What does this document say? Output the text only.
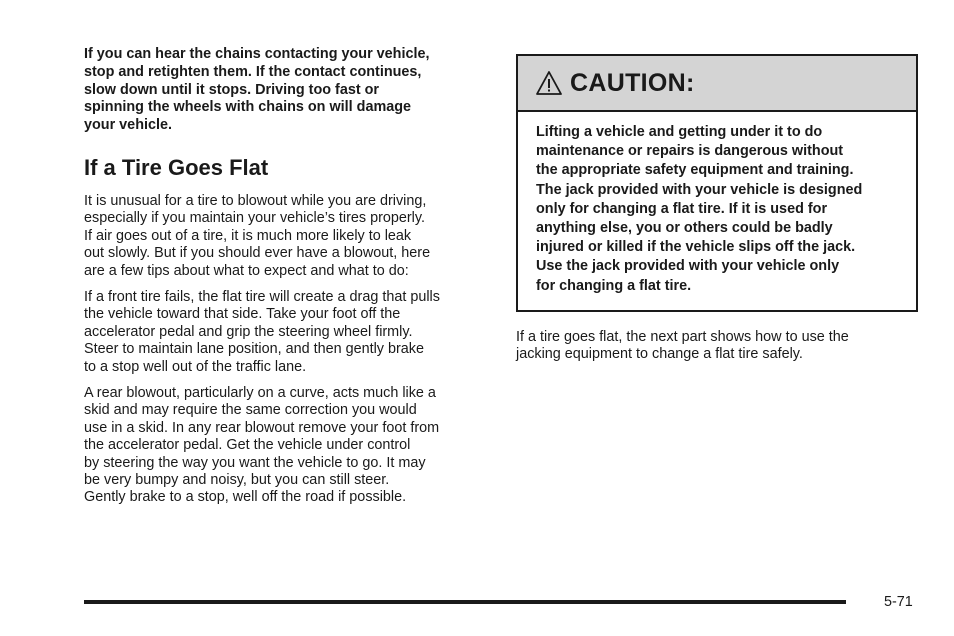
If you can hear the chains contacting your vehicle,
stop and retighten them. If the contact continues,
slow down until it stops. Driving too fast or
spinning the wheels with chains on will damage
your vehicle.

If a Tire Goes Flat

It is unusual for a tire to blowout while you are driving,
especially if you maintain your vehicle’s tires properly.
If air goes out of a tire, it is much more likely to leak
out slowly. But if you should ever have a blowout, here
are a few tips about what to expect and what to do:

If a front tire fails, the flat tire will create a drag that pulls
the vehicle toward that side. Take your foot off the
accelerator pedal and grip the steering wheel firmly.
Steer to maintain lane position, and then gently brake
to a stop well out of the traffic lane.

A rear blowout, particularly on a curve, acts much like a
skid and may require the same correction you would
use in a skid. In any rear blowout remove your foot from
the accelerator pedal. Get the vehicle under control
by steering the way you want the vehicle to go. It may
be very bumpy and noisy, but you can still steer.
Gently brake to a stop, well off the road if possible.

CAUTION:
Lifting a vehicle and getting under it to do
maintenance or repairs is dangerous without
the appropriate safety equipment and training.
The jack provided with your vehicle is designed
only for changing a flat tire. If it is used for
anything else, you or others could be badly
injured or killed if the vehicle slips off the jack.
Use the jack provided with your vehicle only
for changing a flat tire.

If a tire goes flat, the next part shows how to use the
jacking equipment to change a flat tire safely.

5-71
